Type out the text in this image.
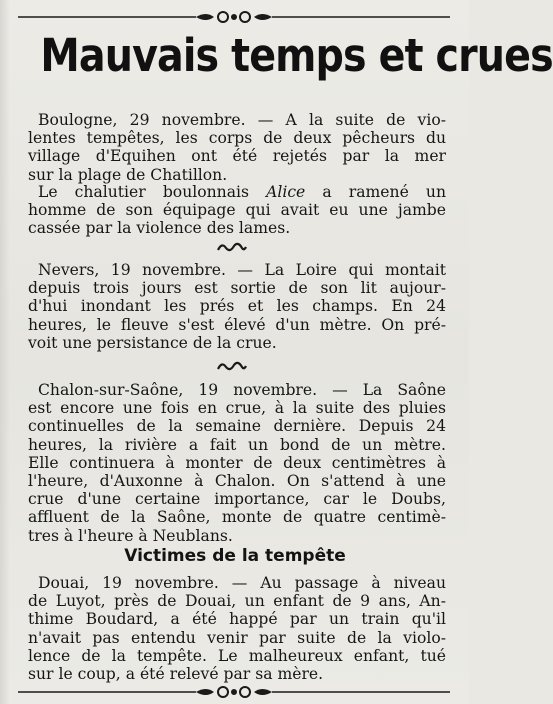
Mauvais temps et crues

Boulogne, 29 novembre. — A la suite de vio-
lentes tempêtes, les corps de deux pêcheurs du
village d'Equihen ont été rejetés par la mer
sur la plage de Chatillon.

Le chalutier boulonnais Alice a ramené un
homme de son équipage qui avait eu une jambe
cassée par la violence des lames.

Nevers, 19 novembre. — La Loire qui montait
depuis trois jours est sortie de son lit aujour-
d'hui inondant les prés et les champs. En 24
heures, le fleuve s'est élevé d'un mètre. On pré-
voit une persistance de la crue.

Chalon-sur-Saône, 19 novembre. — La Saône
est encore une fois en crue, à la suite des pluies
continuelles de la semaine dernière. Depuis 24
heures, la rivière a fait un bond de un mètre.
Elle continuera à monter de deux centimètres à
l'heure, d'Auxonne à Chalon. On s'attend à une
crue d'une certaine importance, car le Doubs,
affluent de la Saône, monte de quatre centimè-
tres à l'heure à Neublans.

Victimes de la tempête

Douai, 19 novembre. — Au passage à niveau
de Luyot, près de Douai, un enfant de 9 ans, An-
thime Boudard, a été happé par un train qu'il
n'avait pas entendu venir par suite de la violo-
lence de la tempête. Le malheureux enfant, tué
sur le coup, a été relevé par sa mère.
